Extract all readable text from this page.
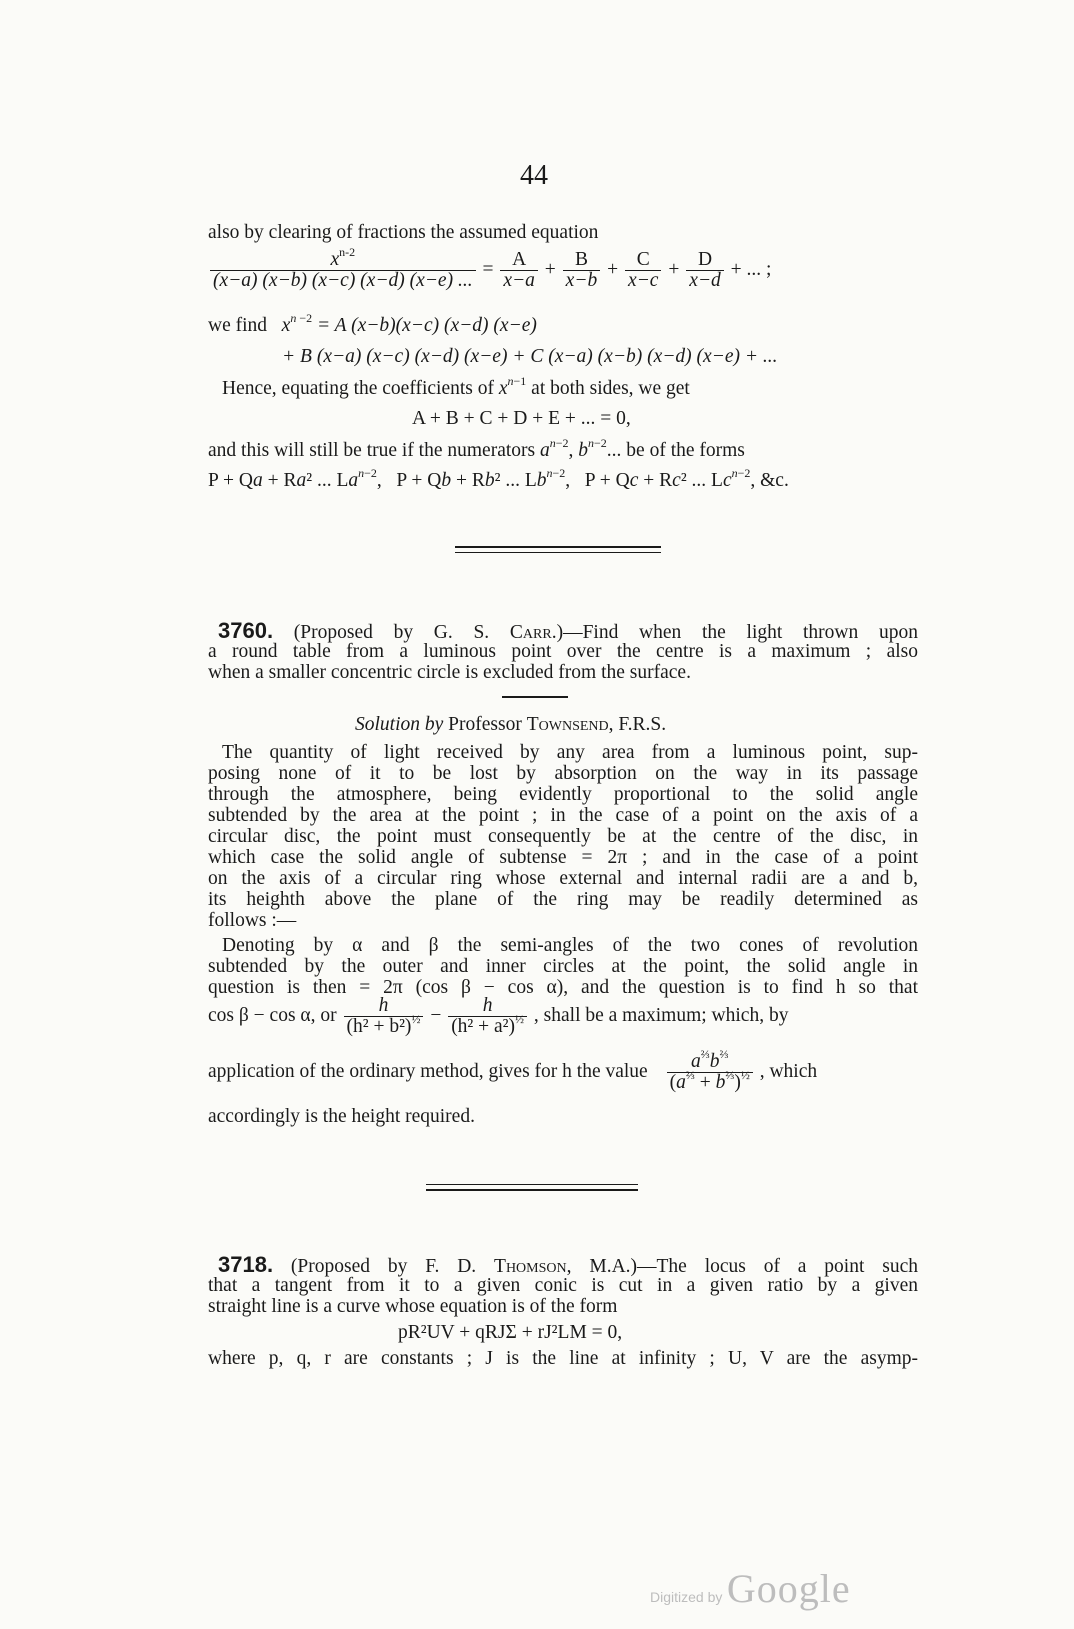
44
also by clearing of fractions the assumed equation
$\frac{x^{n-2}}{(x-a) (x-b) (x-c) (x-d) (x-e) ...} = \frac{A}{x-a} + \frac{B}{x-b} + \frac{C}{x-c} + \frac{D}{x-d}$ + ... ;
we find $x^{n -2} = A$ (x−b)(x−c) (x−d) (x−e)
+ B (x−a) (x−c) (x−d) (x−e) + C (x−a) (x−b) (x−d) (x−e) + ...
Hence, equating the coefficients of $x^{n-1}$ at both sides, we get
A + B + C + D + E + ... = 0,
and this will still be true if the numerators $a^{n-2}$, $b^{n-2}$... be of the forms
P + Qa + Ra² ... $La^{n-2}$,   P + Qb + Rb² ... $Lb^{n-2}$,   P + Qc + Rc² ... $Lc^{n-2}$, &c.
3760. (Proposed by G. S. Carr.)—Find when the light thrown upon
a round table from a luminous point over the centre is a maximum ; also
when a smaller concentric circle is excluded from the surface.
Solution by Professor Townsend, F.R.S.
The quantity of light received by any area from a luminous point, sup-
posing none of it to be lost by absorption on the way in its passage
through the atmosphere, being evidently proportional to the solid angle
subtended by the area at the point ; in the case of a point on the axis of a
circular disc, the point must consequently be at the centre of the disc, in
which case the solid angle of subtense = 2π ; and in the case of a point
on the axis of a circular ring whose external and internal radii are a and b,
its heighth above the plane of the ring may be readily determined as
follows :—
Denoting by α and β the semi-angles of the two cones of revolution
subtended by the outer and inner circles at the point, the solid angle in
question is then = 2π (cos β − cos α), and the question is to find h so that
cos β − cos α, or $\frac{h}{(h^2 + b^2)^{\frac{1}{2}}} - \frac{h}{(h^2 + a^2)^{\frac{1}{2}}}$ , shall be a maximum; which, by
application of the ordinary method, gives for h the value $\frac{a^{\frac{2}{3}}b^{\frac{2}{3}}}{(a^{\frac{2}{3}} + b^{\frac{2}{3}})^{\frac{1}{2}}}$ , which
accordingly is the height required.
3718. (Proposed by F. D. Thomson, M.A.)—The locus of a point such
that a tangent from it to a given conic is cut in a given ratio by a given
straight line is a curve whose equation is of the form
pR²UV + qRJΣ + rJ²LM = 0,
where p, q, r are constants ; J is the line at infinity ; U, V are the asymp-
Digitized by Google
